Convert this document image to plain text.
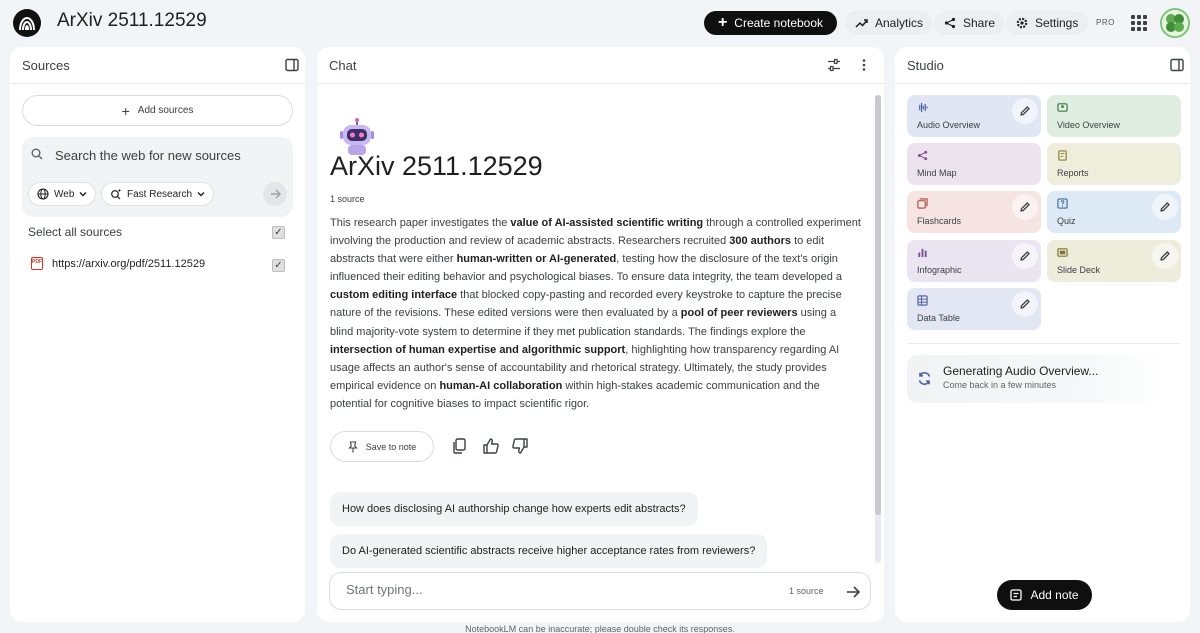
ArXiv 2511.12529	+ Create notebook	Analytics	Share	Settings PRO
Sources
+ Add sources
Search the web for new sources
Web	Fast Research
Select all sources	✓
PDF https://arxiv.org/pdf/2511.12529	✓
Chat
ArXiv 2511.12529
1 source
This research paper investigates the value of AI-assisted scientific writing through a controlled experiment involving the production and review of academic abstracts. Researchers recruited 300 authors to edit abstracts that were either human-written or AI-generated, testing how the disclosure of the text's origin influenced their editing behavior and psychological biases. To ensure data integrity, the team developed a custom editing interface that blocked copy-pasting and recorded every keystroke to capture the precise nature of the revisions. These edited versions were then evaluated by a pool of peer reviewers using a blind majority-vote system to determine if they met publication standards. The findings explore the intersection of human expertise and algorithmic support, highlighting how transparency regarding AI usage affects an author's sense of accountability and rhetorical strategy. Ultimately, the study provides empirical evidence on human-AI collaboration within high-stakes academic communication and the potential for cognitive biases to impact scientific rigor.
Save to note
How does disclosing AI authorship change how experts edit abstracts?
Do AI-generated scientific abstracts receive higher acceptance rates from reviewers?
Start typing...
1 source
Studio
Audio Overview	Video Overview
Mind Map	Reports
Flashcards	Quiz
Infographic	Slide Deck
Data Table
Generating Audio Overview...
Come back in a few minutes
Add note
NotebookLM can be inaccurate; please double check its responses.
